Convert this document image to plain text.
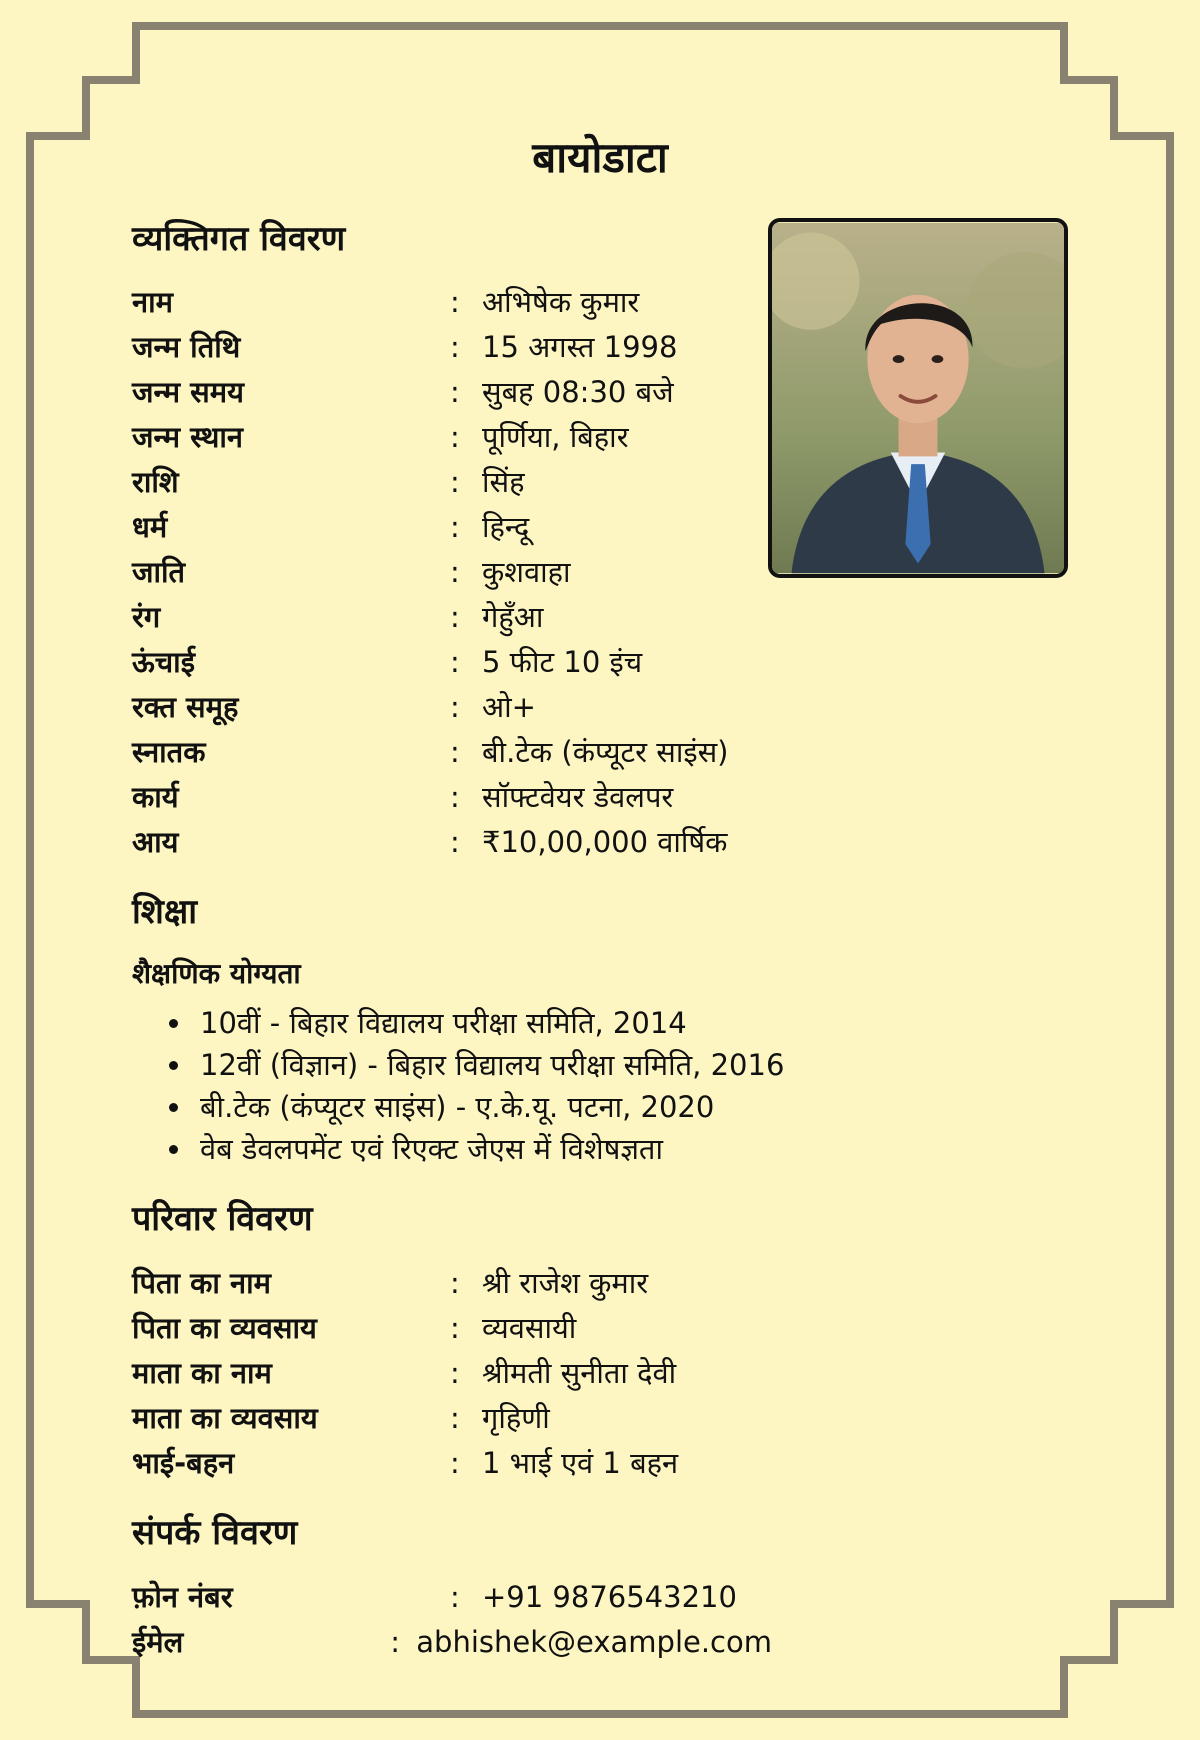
बायोडाटा
व्यक्तिगत विवरण
नाम	: अभिषेक कुमार
जन्म तिथि	: 15 अगस्त 1998
जन्म समय	: सुबह 08:30 बजे
जन्म स्थान	: पूर्णिया, बिहार
राशि	: सिंह
धर्म	: हिन्दू
जाति	: कुशवाहा
रंग	: गेहुँआ
ऊंचाई	: 5 फीट 10 इंच
रक्त समूह	: ओ+
स्नातक	: बी.टेक (कंप्यूटर साइंस)
कार्य	: सॉफ्टवेयर डेवलपर
आय	: ₹10,00,000 वार्षिक
शिक्षा
शैक्षणिक योग्यता
• 10वीं - बिहार विद्यालय परीक्षा समिति, 2014
• 12वीं (विज्ञान) - बिहार विद्यालय परीक्षा समिति, 2016
• बी.टेक (कंप्यूटर साइंस) - ए.के.यू. पटना, 2020
• वेब डेवलपमेंट एवं रिएक्ट जेएस में विशेषज्ञता
परिवार विवरण
पिता का नाम	: श्री राजेश कुमार
पिता का व्यवसाय	: व्यवसायी
माता का नाम	: श्रीमती सुनीता देवी
माता का व्यवसाय	: गृहिणी
भाई-बहन	: 1 भाई एवं 1 बहन
संपर्क विवरण
फ़ोन नंबर	: +91 9876543210
ईमेल	: abhishek@example.com
